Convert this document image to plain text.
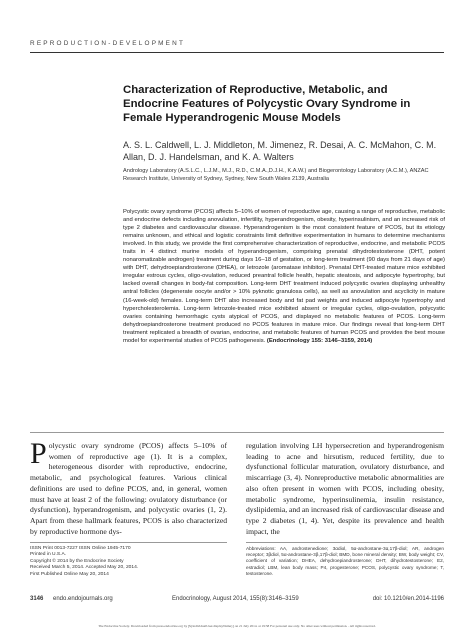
REPRODUCTION-DEVELOPMENT
Characterization of Reproductive, Metabolic, and Endocrine Features of Polycystic Ovary Syndrome in Female Hyperandrogenic Mouse Models
A. S. L. Caldwell, L. J. Middleton, M. Jimenez, R. Desai, A. C. McMahon, C. M. Allan, D. J. Handelsman, and K. A. Walters
Andrology Laboratory (A.S.L.C., L.J.M., M.J., R.D., C.M.A.,D.J.H., K.A.W.) and Biogerontology Laboratory (A.C.M.), ANZAC Research Institute, University of Sydney, Sydney, New South Wales 2139, Australia
Polycystic ovary syndrome (PCOS) affects 5–10% of women of reproductive age, causing a range of reproductive, metabolic and endocrine defects including anovulation, infertility, hyperandrogenism, obesity, hyperinsulinism, and an increased risk of type 2 diabetes and cardiovascular disease. Hyperandrogenism is the most consistent feature of PCOS, but its etiology remains unknown, and ethical and logistic constraints limit definitive experimentation in humans to determine mechanisms involved. In this study, we provide the first comprehensive characterization of reproductive, endocrine, and metabolic PCOS traits in 4 distinct murine models of hyperandrogenism, comprising prenatal dihydrotestosterone (DHT, potent nonaromatizable androgen) treatment during days 16–18 of gestation, or long-term treatment (90 days from 21 days of age) with DHT, dehydroepiandrosterone (DHEA), or letrozole (aromatase inhibitor). Prenatal DHT-treated mature mice exhibited irregular estrous cycles, oligo-ovulation, reduced preantral follicle health, hepatic steatosis, and adipocyte hypertrophy, but lacked overall changes in body-fat composition. Long-term DHT treatment induced polycystic ovaries displaying unhealthy antral follicles (degenerate oocyte and/or > 10% pyknotic granulosa cells), as well as anovulation and acyclicity in mature (16-week-old) females. Long-term DHT also increased body and fat pad weights and induced adipocyte hypertrophy and hypercholesterolemia. Long-term letrozole-treated mice exhibited absent or irregular cycles, oligo-ovulation, polycystic ovaries containing hemorrhagic cysts atypical of PCOS, and displayed no metabolic features of PCOS. Long-term dehydroepiandrosterone treatment produced no PCOS features in mature mice. Our findings reveal that long-term DHT treatment replicated a breadth of ovarian, endocrine, and metabolic features of human PCOS and provides the best mouse model for experimental studies of PCOS pathogenesis. (Endocrinology 155: 3146–3159, 2014)
Polycystic ovary syndrome (PCOS) affects 5–10% of women of reproductive age (1). It is a complex, heterogeneous disorder with reproductive, endocrine, metabolic, and psychological features. Various clinical definitions are used to define PCOS, and, in general, women must have at least 2 of the following: ovulatory disturbance (or dysfunction), hyperandrogenism, and polycystic ovaries (1, 2). Apart from these hallmark features, PCOS is also characterized by reproductive hormone dys-
regulation involving LH hypersecretion and hyperandrogenism leading to acne and hirsutism, reduced fertility, due to dysfunctional follicular maturation, ovulatory disturbance, and miscarriage (3, 4). Nonreproductive metabolic abnormalities are also often present in women with PCOS, including obesity, metabolic syndrome, hyperinsulinemia, insulin resistance, dyslipidemia, and an increased risk of cardiovascular disease and type 2 diabetes (1, 4). Yet, despite its prevalence and health impact, the
ISSN Print 0013-7227 ISSN Online 1945-7170
Printed in U.S.A.
Copyright © 2014 by the Endocrine Society
Received March 5, 2014. Accepted May 20, 2014.
First Published Online May 20, 2014
Abbreviations: AA, androstenedione; 3αdiol, 5α-androstane-3α,17β-diol; AR, androgen receptor; 3βdiol, 5α-androstane-3β,17β-diol; BMD, bone mineral density; BW, body weight; CV, coefficient of variation; DHEA, dehydroepiandrosterone; DHT, dihydrotestosterone; E2, estradiol; LBM, lean body mass; P4, progesterone; PCOS, polycystic ovary syndrome; T, testosterone.
3146 endo.endojournals.org	Endocrinology, August 2014, 155(8):3146–3159	doi: 10.1210/en.2014-1196
The Endocrine Society. Downloaded from press.endocrine.org by [${individualUser.displayName}] on 21 July 2014. at 19:58 For personal use only. No other uses without permission. . All rights reserved.
